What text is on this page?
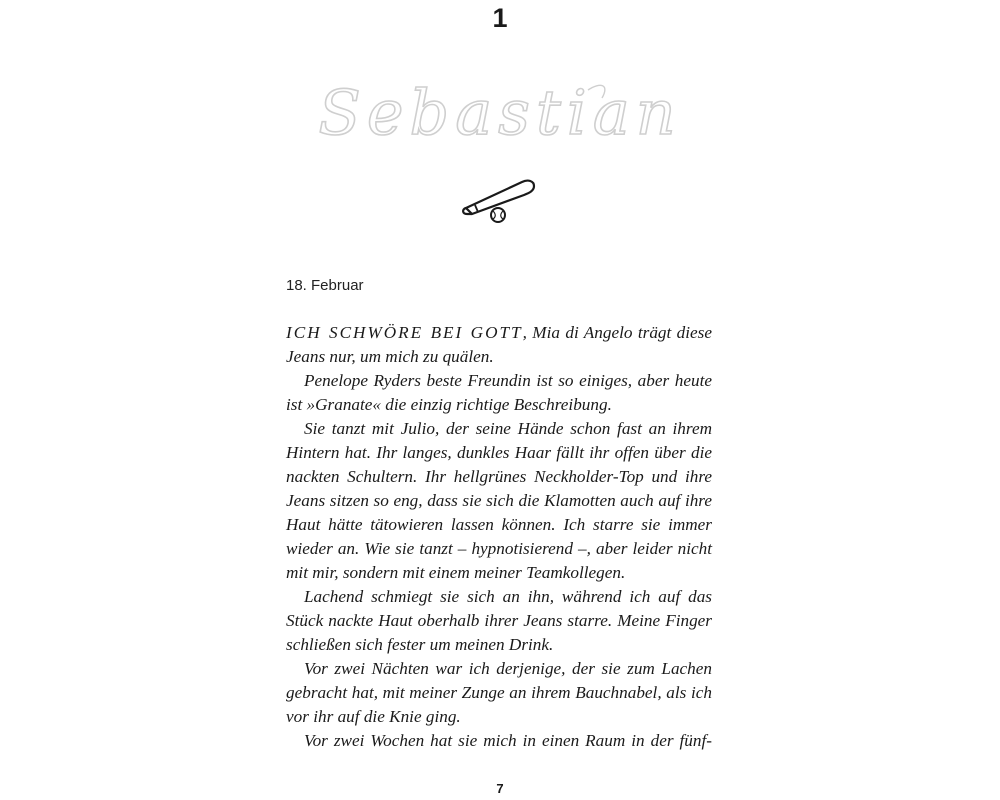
1
Sebastian
18. Februar

ICH SCHWÖRE BEI GOTT, Mia di Angelo trägt diese Jeans nur, um mich zu quälen.

Penelope Ryders beste Freundin ist so einiges, aber heute ist »Granate« die einzig richtige Beschreibung.

Sie tanzt mit Julio, der seine Hände schon fast an ihrem Hintern hat. Ihr langes, dunkles Haar fällt ihr offen über die nackten Schultern. Ihr hellgrünes Neckholder-Top und ihre Jeans sitzen so eng, dass sie sich die Klamotten auch auf ihre Haut hätte tätowieren lassen können. Ich starre sie immer wieder an. Wie sie tanzt – hypnotisierend –, aber leider nicht mit mir, sondern mit einem meiner Teamkollegen.

Lachend schmiegt sie sich an ihn, während ich auf das Stück nackte Haut oberhalb ihrer Jeans starre. Meine Finger schließen sich fester um meinen Drink.

Vor zwei Nächten war ich derjenige, der sie zum Lachen gebracht hat, mit meiner Zunge an ihrem Bauchnabel, als ich vor ihr auf die Knie ging.

Vor zwei Wochen hat sie mich in einen Raum in der fünf-

7
